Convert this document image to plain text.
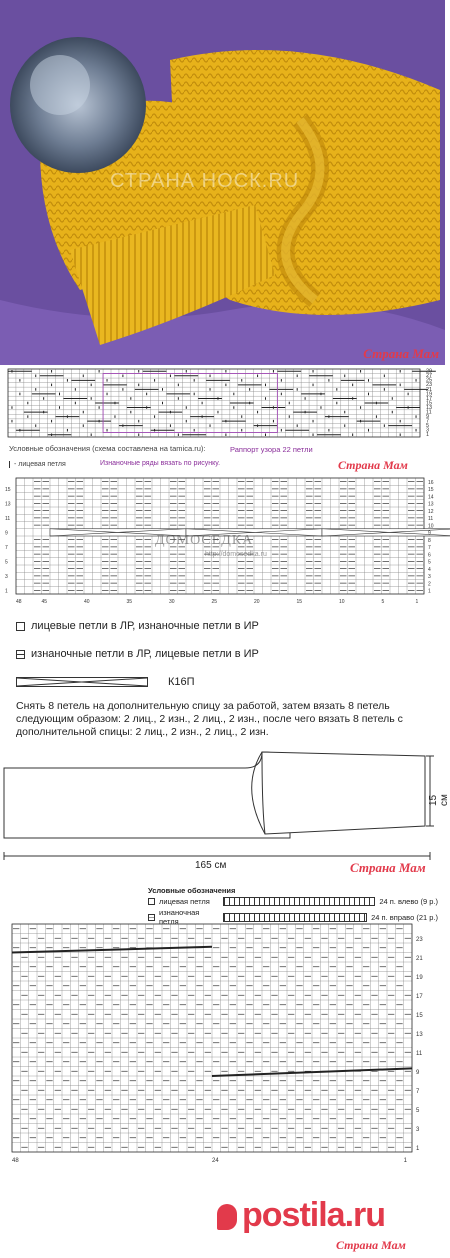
СТРАНА НОСК.RU
Страна Мам
29
27
25
23
21
19
17
15
13
11
9
7
5
3
1
Условные обозначения (схема составлена на tamica.ru):	Раппорт узора 22 петли
- лицевая петля	Изнаночные ряды вязать по рисунку.	Страна Мам
16
15
14
13
12
11
10
9
8
7
6
5
4
3
2
1
15
13
11
9
7
5
3
1
48	45	40	35	30	25	20	15	10	5	1
ДОМОСЕДКА
http://domosedka.ru
лицевые петли в ЛР, изнаночные петли в ИР
изнаночные петли в ЛР, лицевые петли в ИР
К16П
Снять 8 петель на дополнительную спицу за работой, затем вязать 8 петель следующим образом: 2 лиц., 2 изн., 2 лиц., 2 изн., после чего вязать 8 петель с дополнительной спицы: 2 лиц., 2 изн., 2 лиц., 2 изн.
15 см
165 см	Страна Мам
Условные обозначения
лицевая петля	24 п. влево (9 р.)
изнаночная петля	24 п. вправо (21 р.)
23
21
19
17
15
13
11
9
7
5
3
1
48	24	1
postila.ru
Страна Мам
